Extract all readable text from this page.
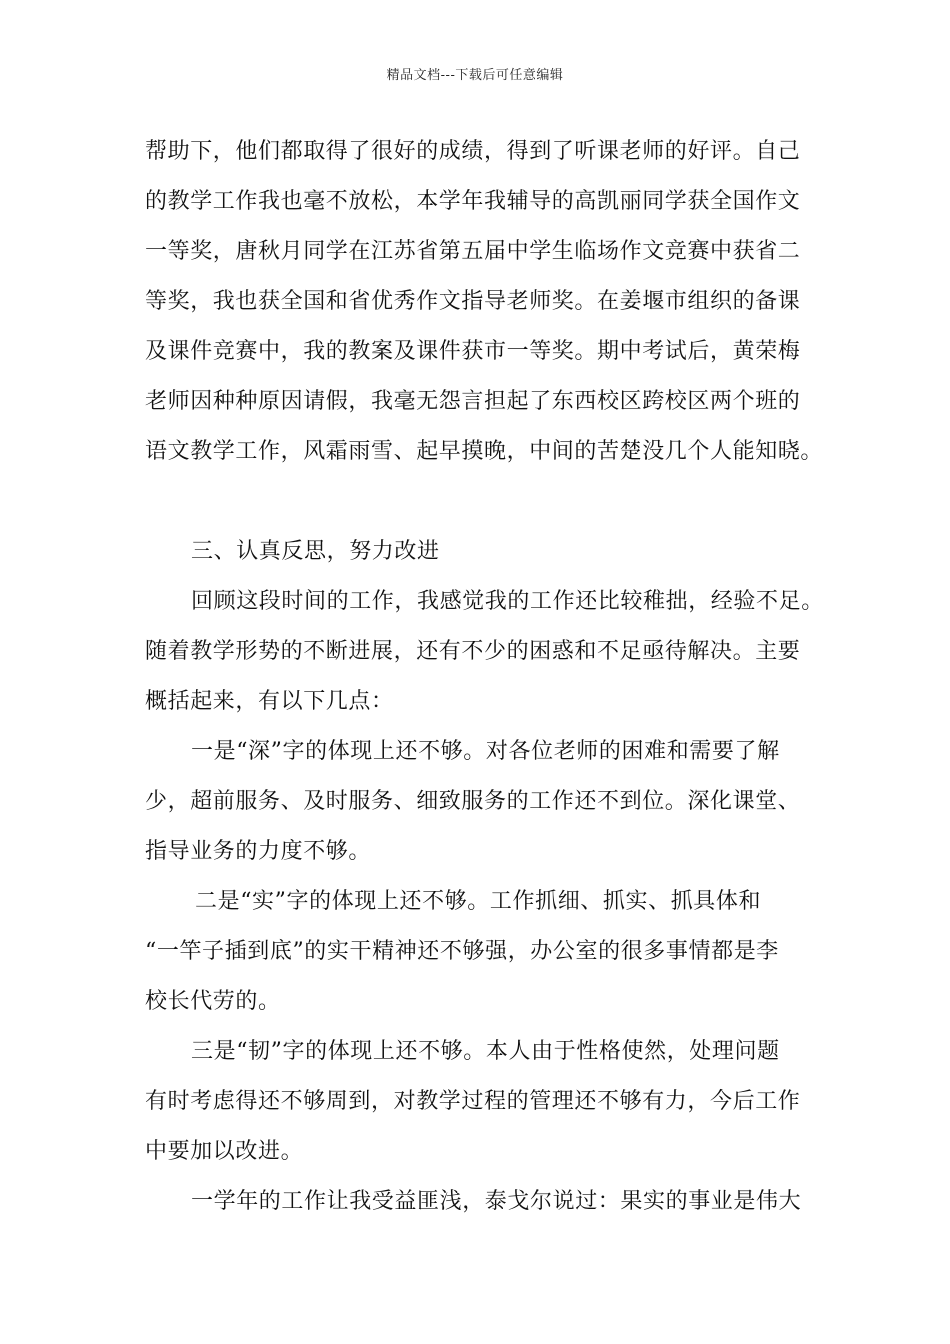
精品文档---下载后可任意编辑
帮助下，他们都取得了很好的成绩，得到了听课老师的好评。自己
的教学工作我也毫不放松，本学年我辅导的高凯丽同学获全国作文
一等奖，唐秋月同学在江苏省第五届中学生临场作文竞赛中获省二
等奖，我也获全国和省优秀作文指导老师奖。在姜堰市组织的备课
及课件竞赛中，我的教案及课件获市一等奖。期中考试后，黄荣梅
老师因种种原因请假，我毫无怨言担起了东西校区跨校区两个班的
语文教学工作，风霜雨雪、起早摸晚，中间的苦楚没几个人能知晓。
三、认真反思，努力改进
回顾这段时间的工作，我感觉我的工作还比较稚拙，经验不足。
随着教学形势的不断进展，还有不少的困惑和不足亟待解决。主要
概括起来，有以下几点：
一是“深”字的体现上还不够。对各位老师的困难和需要了解
少，超前服务、及时服务、细致服务的工作还不到位。深化课堂、
指导业务的力度不够。
二是“实”字的体现上还不够。工作抓细、抓实、抓具体和
“一竿子插到底”的实干精神还不够强，办公室的很多事情都是李
校长代劳的。
三是“韧”字的体现上还不够。本人由于性格使然，处理问题
有时考虑得还不够周到，对教学过程的管理还不够有力，今后工作
中要加以改进。
一学年的工作让我受益匪浅，泰戈尔说过：果实的事业是伟大
